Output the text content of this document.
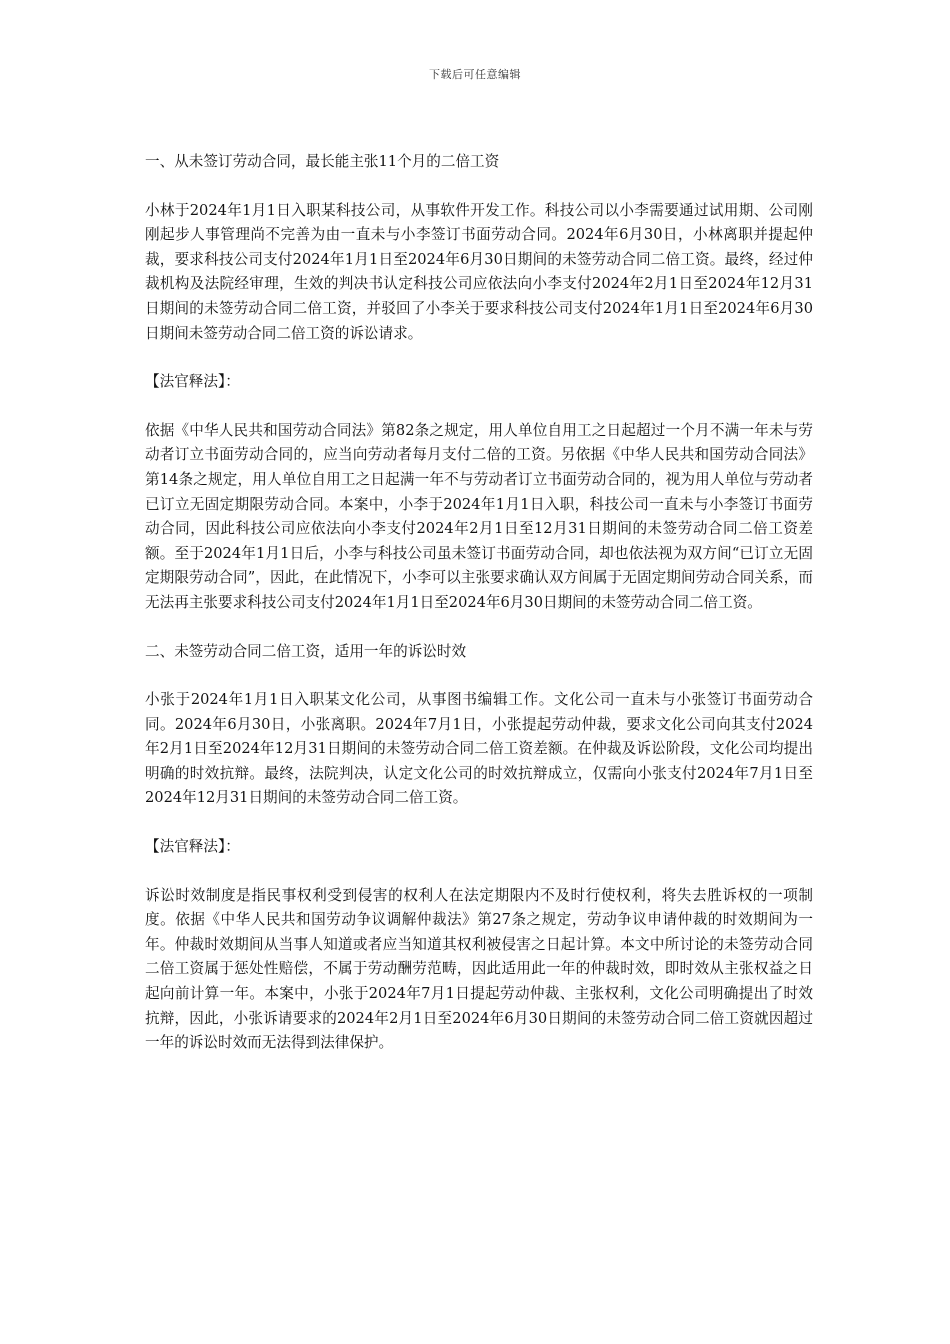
下载后可任意编辑

一、从未签订劳动合同，最长能主张11个月的二倍工资

小林于2024年1月1日入职某科技公司，从事软件开发工作。科技公司以小李需要通过试用期、公司刚刚起步人事管理尚不完善为由一直未与小李签订书面劳动合同。2024年6月30日，小林离职并提起仲裁，要求科技公司支付2024年1月1日至2024年6月30日期间的未签劳动合同二倍工资。最终，经过仲裁机构及法院经审理，生效的判决书认定科技公司应依法向小李支付2024年2月1日至2024年12月31日期间的未签劳动合同二倍工资，并驳回了小李关于要求科技公司支付2024年1月1日至2024年6月30日期间未签劳动合同二倍工资的诉讼请求。

【法官释法】：

依据《中华人民共和国劳动合同法》第82条之规定，用人单位自用工之日起超过一个月不满一年未与劳动者订立书面劳动合同的，应当向劳动者每月支付二倍的工资。另依据《中华人民共和国劳动合同法》第14条之规定，用人单位自用工之日起满一年不与劳动者订立书面劳动合同的，视为用人单位与劳动者已订立无固定期限劳动合同。本案中，小李于2024年1月1日入职，科技公司一直未与小李签订书面劳动合同，因此科技公司应依法向小李支付2024年2月1日至12月31日期间的未签劳动合同二倍工资差额。至于2024年1月1日后，小李与科技公司虽未签订书面劳动合同，却也依法视为双方间“已订立无固定期限劳动合同”，因此，在此情况下，小李可以主张要求确认双方间属于无固定期间劳动合同关系，而无法再主张要求科技公司支付2024年1月1日至2024年6月30日期间的未签劳动合同二倍工资。

二、未签劳动合同二倍工资，适用一年的诉讼时效

小张于2024年1月1日入职某文化公司，从事图书编辑工作。文化公司一直未与小张签订书面劳动合同。2024年6月30日，小张离职。2024年7月1日，小张提起劳动仲裁，要求文化公司向其支付2024年2月1日至2024年12月31日期间的未签劳动合同二倍工资差额。在仲裁及诉讼阶段，文化公司均提出明确的时效抗辩。最终，法院判决，认定文化公司的时效抗辩成立，仅需向小张支付2024年7月1日至2024年12月31日期间的未签劳动合同二倍工资。

【法官释法】：

诉讼时效制度是指民事权利受到侵害的权利人在法定期限内不及时行使权利，将失去胜诉权的一项制度。依据《中华人民共和国劳动争议调解仲裁法》第27条之规定，劳动争议申请仲裁的时效期间为一年。仲裁时效期间从当事人知道或者应当知道其权利被侵害之日起计算。本文中所讨论的未签劳动合同二倍工资属于惩处性赔偿，不属于劳动酬劳范畴，因此适用此一年的仲裁时效，即时效从主张权益之日起向前计算一年。本案中，小张于2024年7月1日提起劳动仲裁、主张权利，文化公司明确提出了时效抗辩，因此，小张诉请要求的2024年2月1日至2024年6月30日期间的未签劳动合同二倍工资就因超过一年的诉讼时效而无法得到法律保护。
